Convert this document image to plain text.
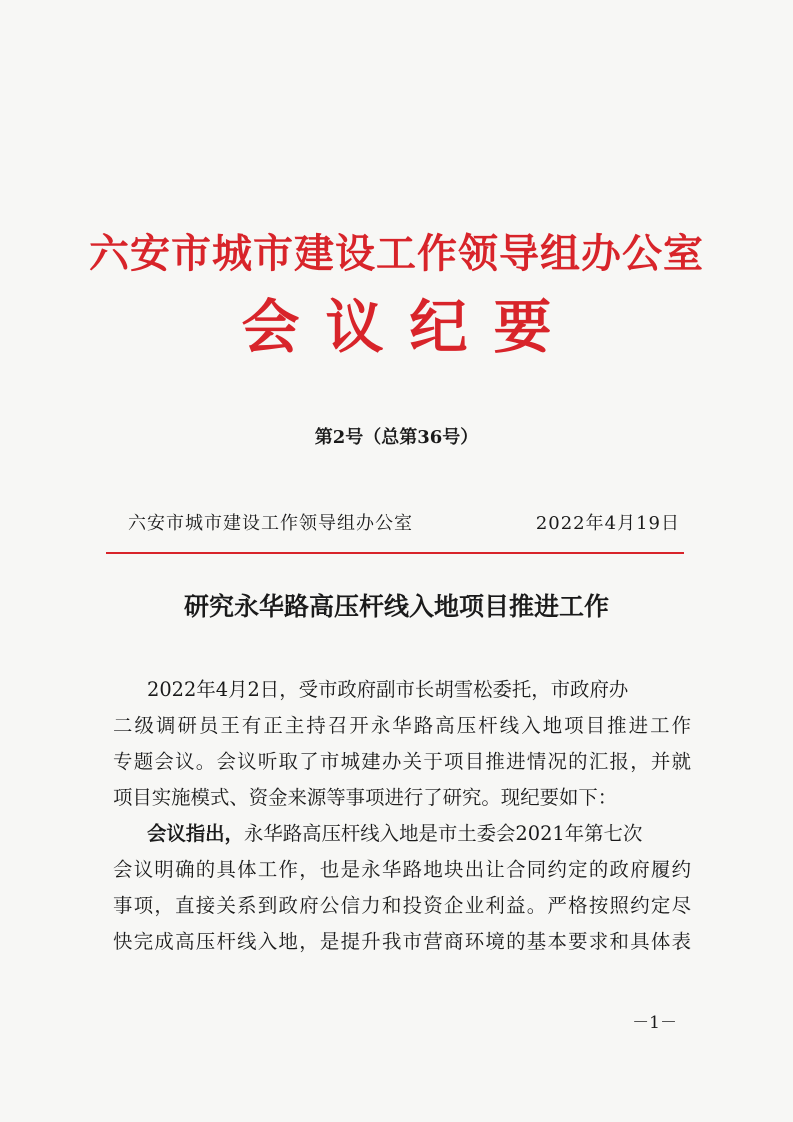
六安市城市建设工作领导组办公室
会议纪要
第2号（总第36号）
六安市城市建设工作领导组办公室	2022年4月19日
研究永华路高压杆线入地项目推进工作
2022年4月2日，受市政府副市长胡雪松委托，市政府办
二级调研员王有正主持召开永华路高压杆线入地项目推进工作
专题会议。会议听取了市城建办关于项目推进情况的汇报，并就
项目实施模式、资金来源等事项进行了研究。现纪要如下：
会议指出，永华路高压杆线入地是市土委会2021年第七次
会议明确的具体工作，也是永华路地块出让合同约定的政府履约
事项，直接关系到政府公信力和投资企业利益。严格按照约定尽
快完成高压杆线入地，是提升我市营商环境的基本要求和具体表
－1－
